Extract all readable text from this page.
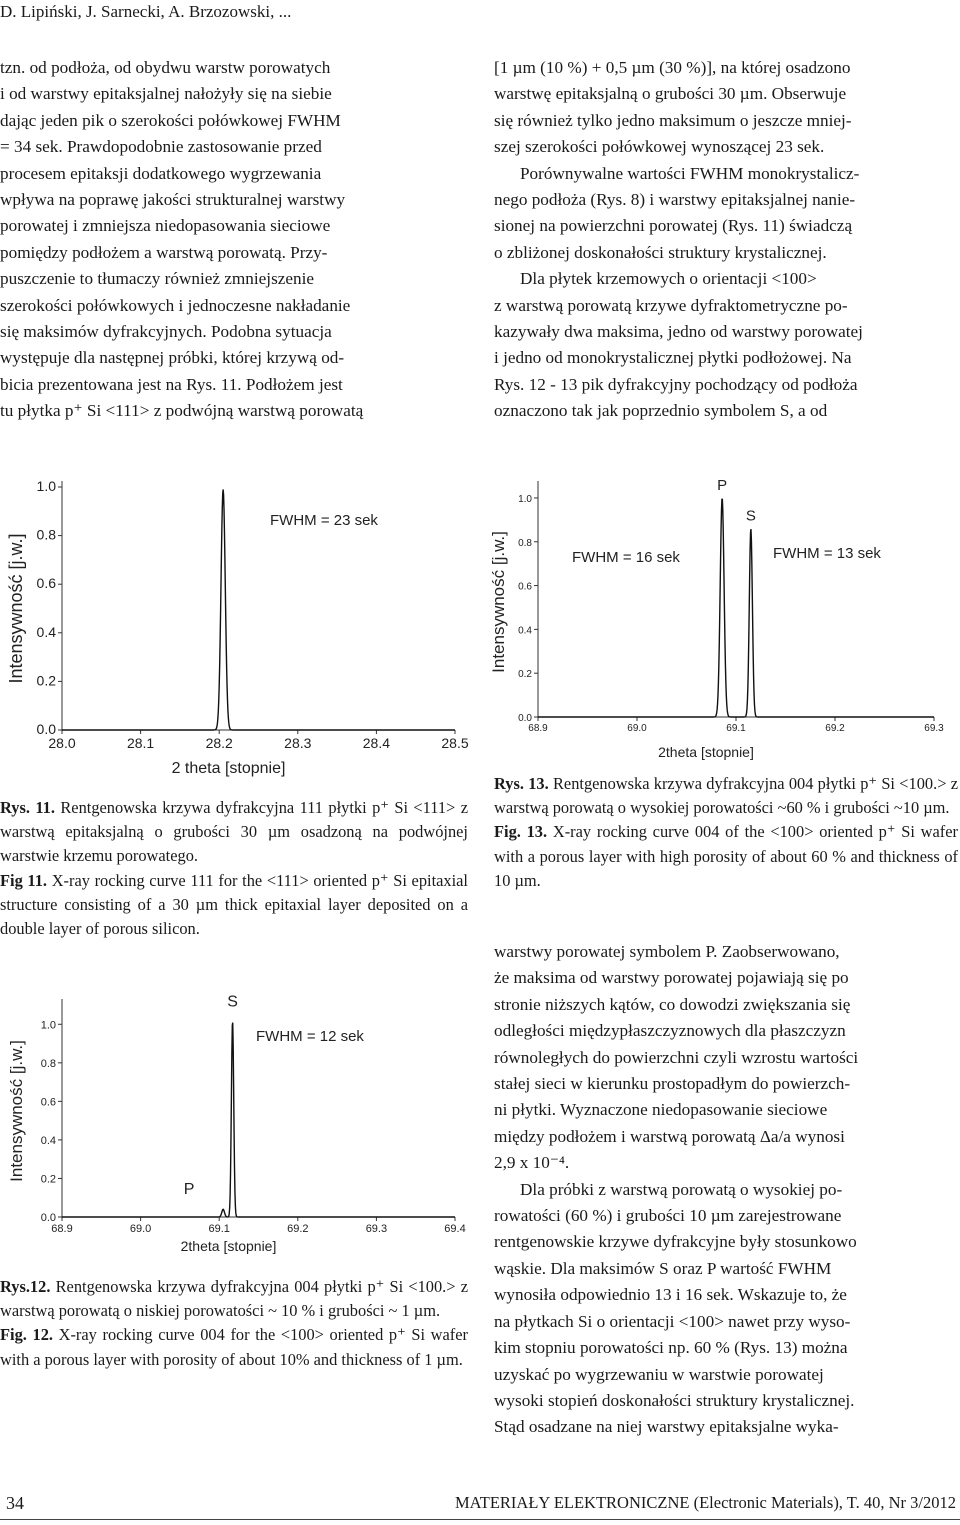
D. Lipiński, J. Sarnecki, A. Brzozowski, ...

tzn. od podłoża, od obydwu warstw porowatych

i od warstwy epitaksjalnej nałożyły się na siebie

dając jeden pik o szerokości połówkowej FWHM

= 34 sek. Prawdopodobnie zastosowanie przed

procesem epitaksji dodatkowego wygrzewania

wpływa na poprawę jakości strukturalnej warstwy

porowatej i zmniejsza niedopasowania sieciowe

pomiędzy podłożem a warstwą porowatą. Przy-

puszczenie to tłumaczy również zmniejszenie

szerokości połówkowych i jednoczesne nakładanie

się maksimów dyfrakcyjnych. Podobna sytuacja

występuje dla następnej próbki, której krzywą od-

bicia prezentowana jest na Rys. 11. Podłożem jest

tu płytka p⁺ Si <111> z podwójną warstwą porowatą

[1 µm (10 %) + 0,5 µm (30 %)], na której osadzono

warstwę epitaksjalną o grubości 30 µm. Obserwuje

się również tylko jedno maksimum o jeszcze mniej-

szej szerokości połówkowej wynoszącej 23 sek.

Porównywalne wartości FWHM monokrystalicz-

nego podłoża (Rys. 8) i warstwy epitaksjalnej nanie-

sionej na powierzchni porowatej (Rys. 11) świadczą

o zbliżonej doskonałości struktury krystalicznej.

Dla płytek krzemowych o orientacji <100>

z warstwą porowatą krzywe dyfraktometryczne po-

kazywały dwa maksima, jedno od warstwy porowatej

i jedno od monokrystalicznej płytki podłożowej. Na

Rys. 12 - 13 pik dyfrakcyjny pochodzący od podłoża

oznaczono tak jak poprzednio symbolem S, a od

0.0
0.2
0.4
0.6
0.8
1.0
28.0	28.1	28.2	28.3	28.4	28.5
2 theta [stopnie]
Intensywność [j.w.]
FWHM = 23 sek
0.0
0.2
0.4
0.6
0.8
1.0
68.9	69.0	69.1	69.2	69.3
2theta [stopnie]
Intensywność [j.w.]	FWHM = 16 sek	FWHM = 13 sek
P
S
0.0
0.2
0.4
0.6
0.8
1.0
68.9	69.0	69.1	69.2	69.3	69.4
2theta [stopnie]
Intensywność [j.w.]
FWHM = 12 sek
S
P

Rys. 11. Rentgenowska krzywa dyfrakcyjna 111 płytki p⁺ Si <111> z warstwą epitaksjalną o grubości 30 µm osadzoną na podwójnej warstwie krzemu porowatego.

Fig 11. X-ray rocking curve 111 for the <111> oriented p⁺ Si epitaxial structure consisting of a 30 µm thick epitaxial layer deposited on a double layer of porous silicon.

Rys. 13. Rentgenowska krzywa dyfrakcyjna 004 płytki p⁺ Si <100.> z warstwą porowatą o wysokiej porowatości ~60 % i grubości ~10 µm.

Fig. 13. X-ray rocking curve 004 of the <100> oriented p⁺ Si wafer with a porous layer with high porosity of about 60 % and thickness of 10 µm.

Rys.12. Rentgenowska krzywa dyfrakcyjna 004 płytki p⁺ Si <100.> z warstwą porowatą o niskiej porowatości ~ 10 % i grubości ~ 1 µm.

Fig. 12. X-ray rocking curve 004 for the <100> oriented p⁺ Si wafer with a porous layer with porosity of about 10% and thickness of 1 µm.

warstwy porowatej symbolem P. Zaobserwowano,

że maksima od warstwy porowatej pojawiają się po

stronie niższych kątów, co dowodzi zwiększania się

odległości międzypłaszczyznowych dla płaszczyzn

równoległych do powierzchni czyli wzrostu wartości

stałej sieci w kierunku prostopadłym do powierzch-

ni płytki. Wyznaczone niedopasowanie sieciowe

między podłożem i warstwą porowatą Δa/a wynosi

2,9 x 10⁻⁴.

Dla próbki z warstwą porowatą o wysokiej po-

rowatości (60 %) i grubości 10 µm zarejestrowane

rentgenowskie krzywe dyfrakcyjne były stosunkowo

wąskie. Dla maksimów S oraz P wartość FWHM

wynosiła odpowiednio 13 i 16 sek. Wskazuje to, że

na płytkach Si o orientacji <100> nawet przy wyso-

kim stopniu porowatości np. 60 % (Rys. 13) można

uzyskać po wygrzewaniu w warstwie porowatej

wysoki stopień doskonałości struktury krystalicznej.

Stąd osadzane na niej warstwy epitaksjalne wyka-

34	MATERIAŁY ELEKTRONICZNE (Electronic Materials), T. 40, Nr 3/2012
